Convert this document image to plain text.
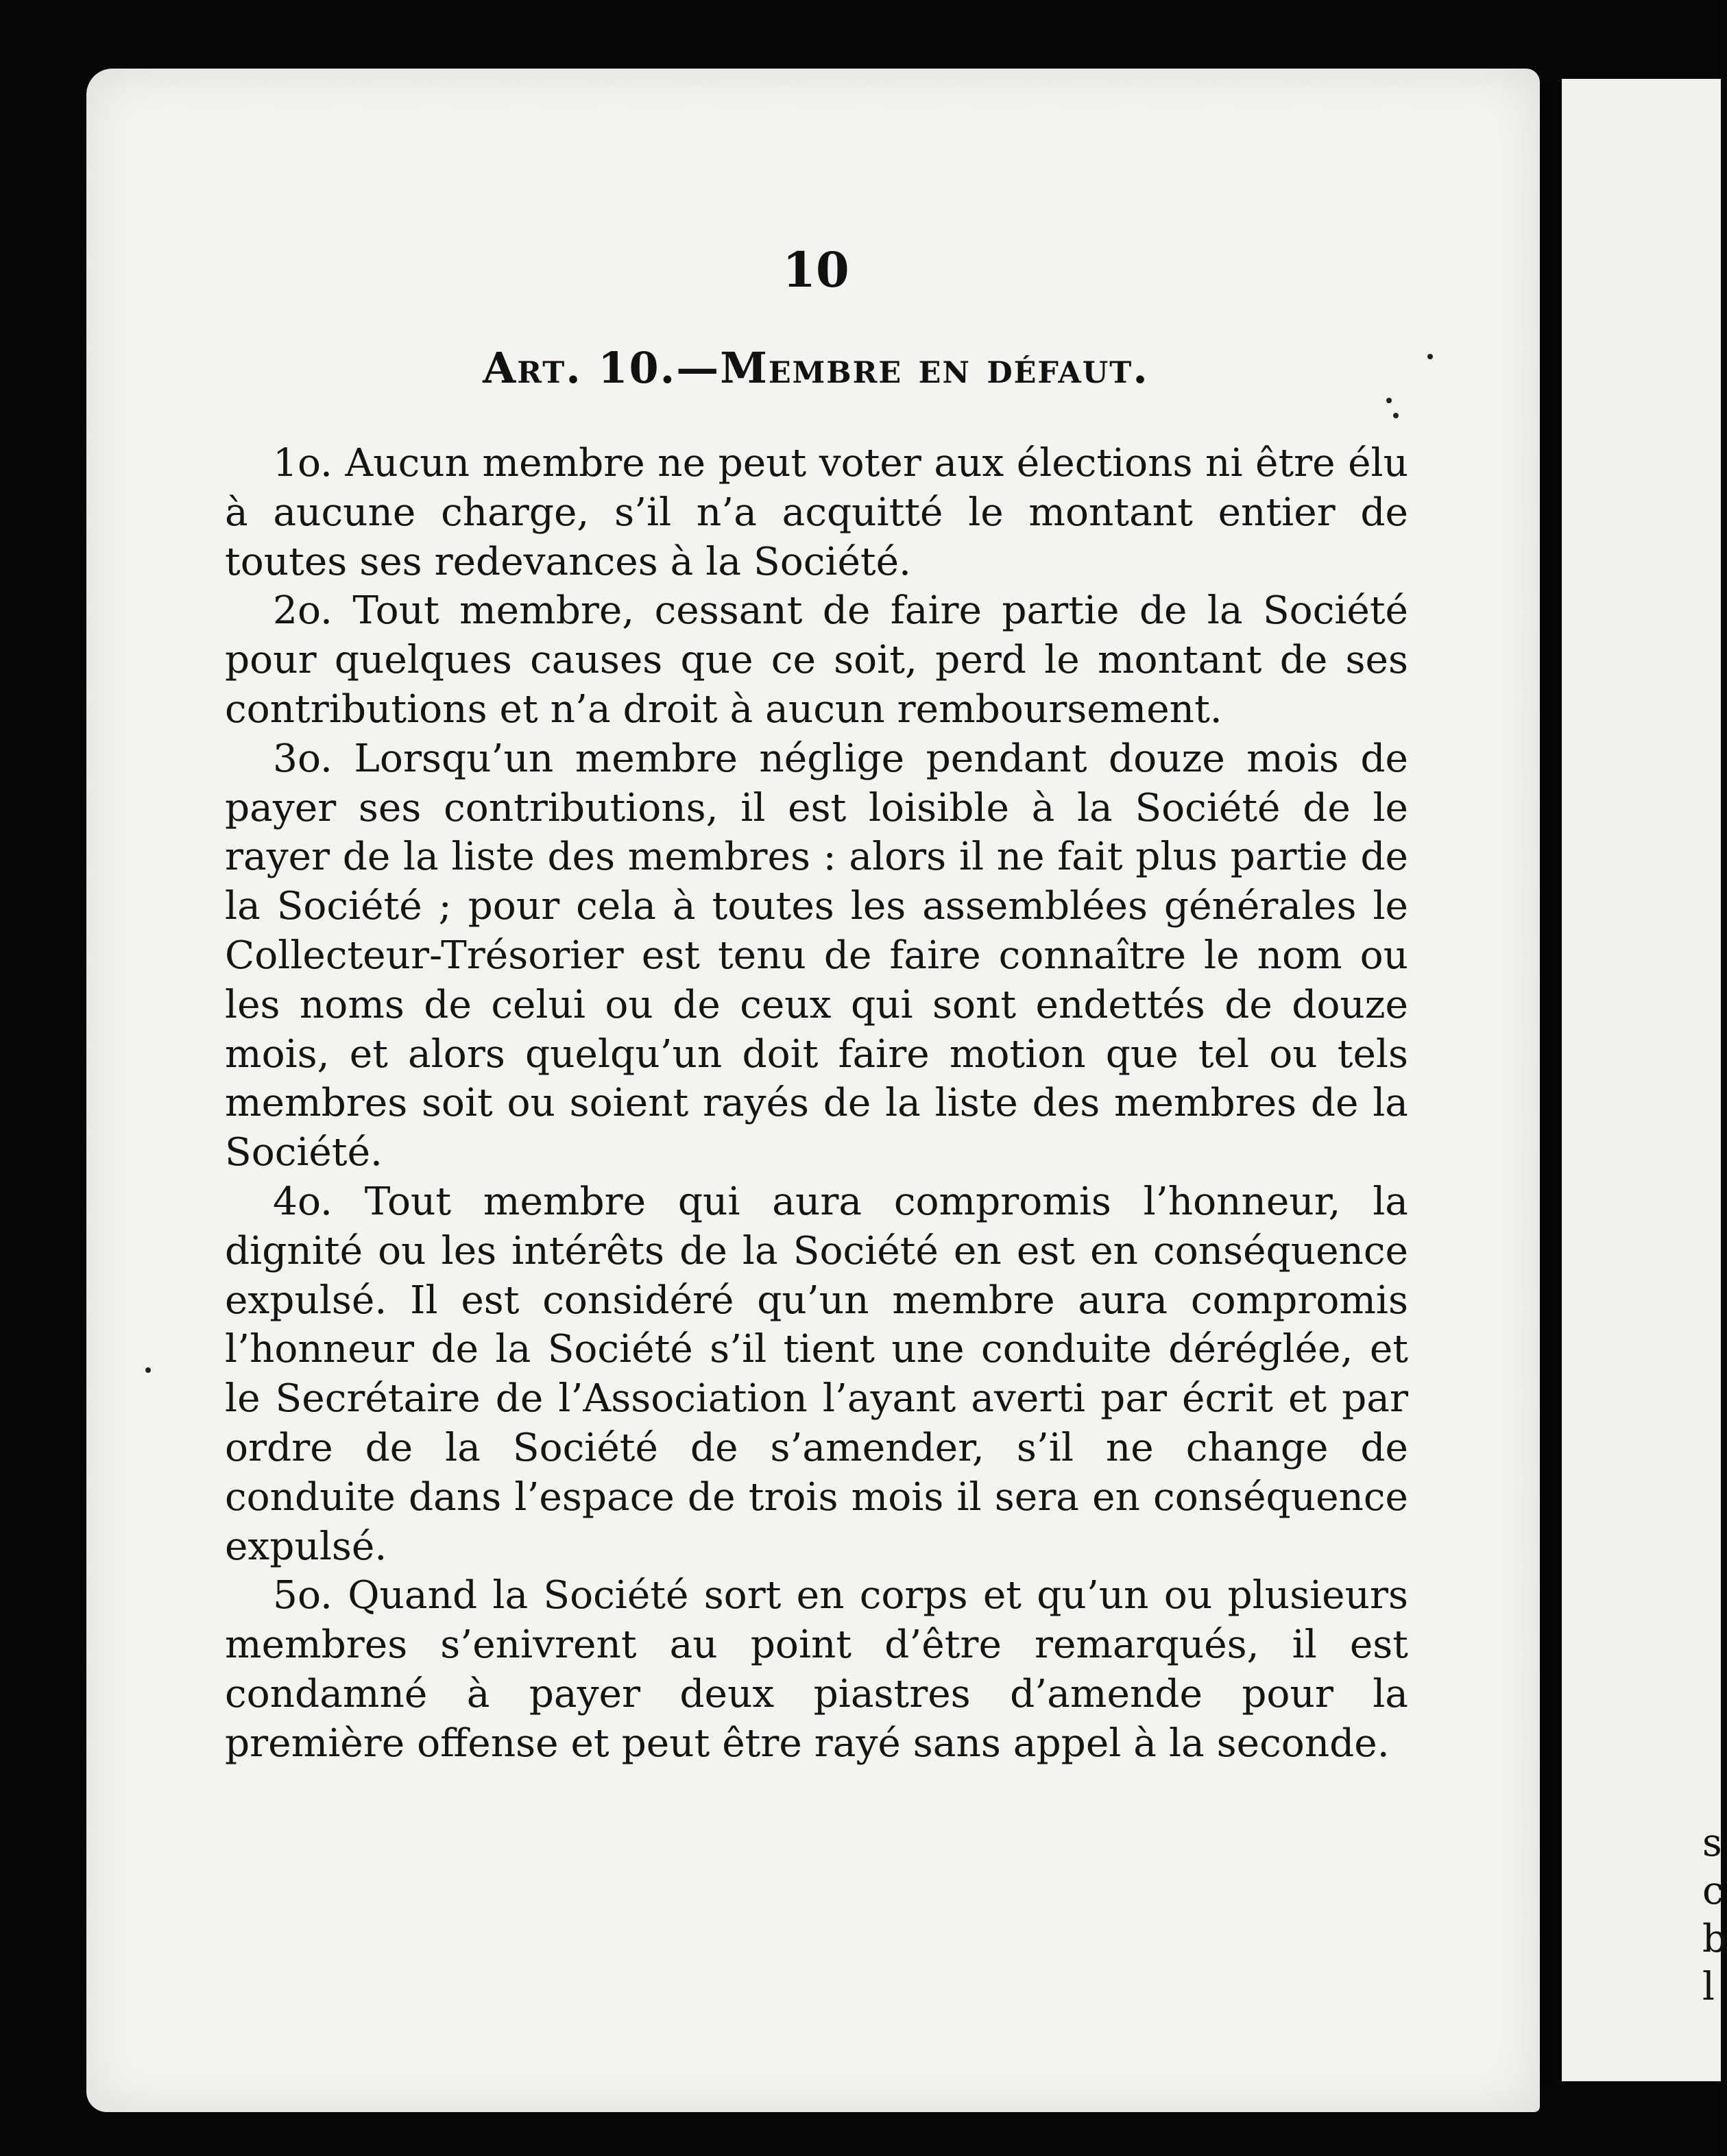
s
c
b
l
10
Art. 10.—Membre en défaut.

1o. Aucun membre ne peut voter aux élections ni être élu à aucune charge, s’il n’a acquitté le montant entier de toutes ses redevances à la Société.

2o. Tout membre, cessant de faire partie de la Société pour quelques causes que ce soit, perd le montant de ses contributions et n’a droit à aucun remboursement.

3o. Lorsqu’un membre néglige pendant douze mois de payer ses contributions, il est loisible à la Société de le rayer de la liste des membres : alors il ne fait plus partie de la Société ; pour cela à toutes les assemblées générales le Collecteur-Trésorier est tenu de faire connaître le nom ou les noms de celui ou de ceux qui sont endettés de douze mois, et alors quelqu’un doit faire motion que tel ou tels membres soit ou soient rayés de la liste des membres de la Société.

4o. Tout membre qui aura compromis l’honneur, la dignité ou les intérêts de la Société en est en conséquence expulsé. Il est considéré qu’un membre aura compromis l’honneur de la Société s’il tient une conduite déréglée, et le Secrétaire de l’Association l’ayant averti par écrit et par ordre de la Société de s’amender, s’il ne change de conduite dans l’espace de trois mois il sera en conséquence expulsé.

5o. Quand la Société sort en corps et qu’un ou plusieurs membres s’enivrent au point d’être remarqués, il est condamné à payer deux piastres d’amende pour la première offense et peut être rayé sans appel à la seconde.
